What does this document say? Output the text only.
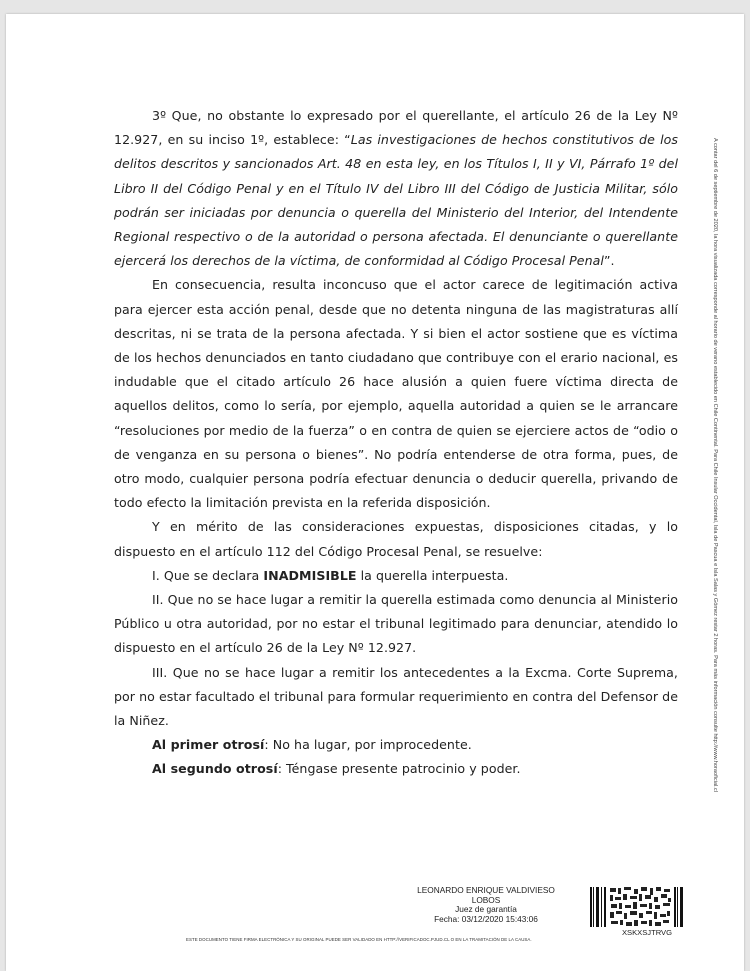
3º Que, no obstante lo expresado por el querellante, el artículo 26 de la Ley Nº 12.927, en su inciso 1º, establece: “Las investigaciones de hechos constitutivos de los delitos descritos y sancionados Art. 48 en esta ley, en los Títulos I, II y VI, Párrafo 1º del Libro II del Código Penal y en el Título IV del Libro III del Código de Justicia Militar, sólo podrán ser iniciadas por denuncia o querella del Ministerio del Interior, del Intendente Regional respectivo o de la autoridad o persona afectada. El denunciante o querellante ejercerá los derechos de la víctima, de conformidad al Código Procesal Penal”.

En consecuencia, resulta inconcuso que el actor carece de legitimación activa para ejercer esta acción penal, desde que no detenta ninguna de las magistraturas allí descritas, ni se trata de la persona afectada. Y si bien el actor sostiene que es víctima de los hechos denunciados en tanto ciudadano que contribuye con el erario nacional, es indudable que el citado artículo 26 hace alusión a quien fuere víctima directa de aquellos delitos, como lo sería, por ejemplo, aquella autoridad a quien se le arrancare “resoluciones por medio de la fuerza” o en contra de quien se ejerciere actos de “odio o de venganza en su persona o bienes”. No podría entenderse de otra forma, pues, de otro modo, cualquier persona podría efectuar denuncia o deducir querella, privando de todo efecto la limitación prevista en la referida disposición.

Y en mérito de las consideraciones expuestas, disposiciones citadas, y lo dispuesto en el artículo 112 del Código Procesal Penal, se resuelve:

I. Que se declara INADMISIBLE la querella interpuesta.

II. Que no se hace lugar a remitir la querella estimada como denuncia al Ministerio Público u otra autoridad, por no estar el tribunal legitimado para denunciar, atendido lo dispuesto en el artículo 26 de la Ley Nº 12.927.

III. Que no se hace lugar a remitir los antecedentes a la Excma. Corte Suprema, por no estar facultado el tribunal para formular requerimiento en contra del Defensor de la Niñez.

Al primer otrosí: No ha lugar, por improcedente.

Al segundo otrosí: Téngase presente patrocinio y poder.	A contar del 6 de septiembre de 2020, la hora visualizada corresponde al horario de verano establecido en Chile Continental. Para Chile Insular Occidental, Isla de Pascua e Isla Salas y Gómez restar 2 horas. Para más información consulte http://www.horaoficial.cl
LEONARDO ENRIQUE VALDIVIESO
LOBOS
Juez de garantía
Fecha: 03/12/2020 15:43:06
XSKXSJTRVG
ESTE DOCUMENTO TIENE FIRMA ELECTRÓNICA Y SU ORIGINAL PUEDE SER VALIDADO EN HTTP://VERIFICADOC.PJUD.CL O EN LA TRAMITACIÓN DE LA CAUSA.
